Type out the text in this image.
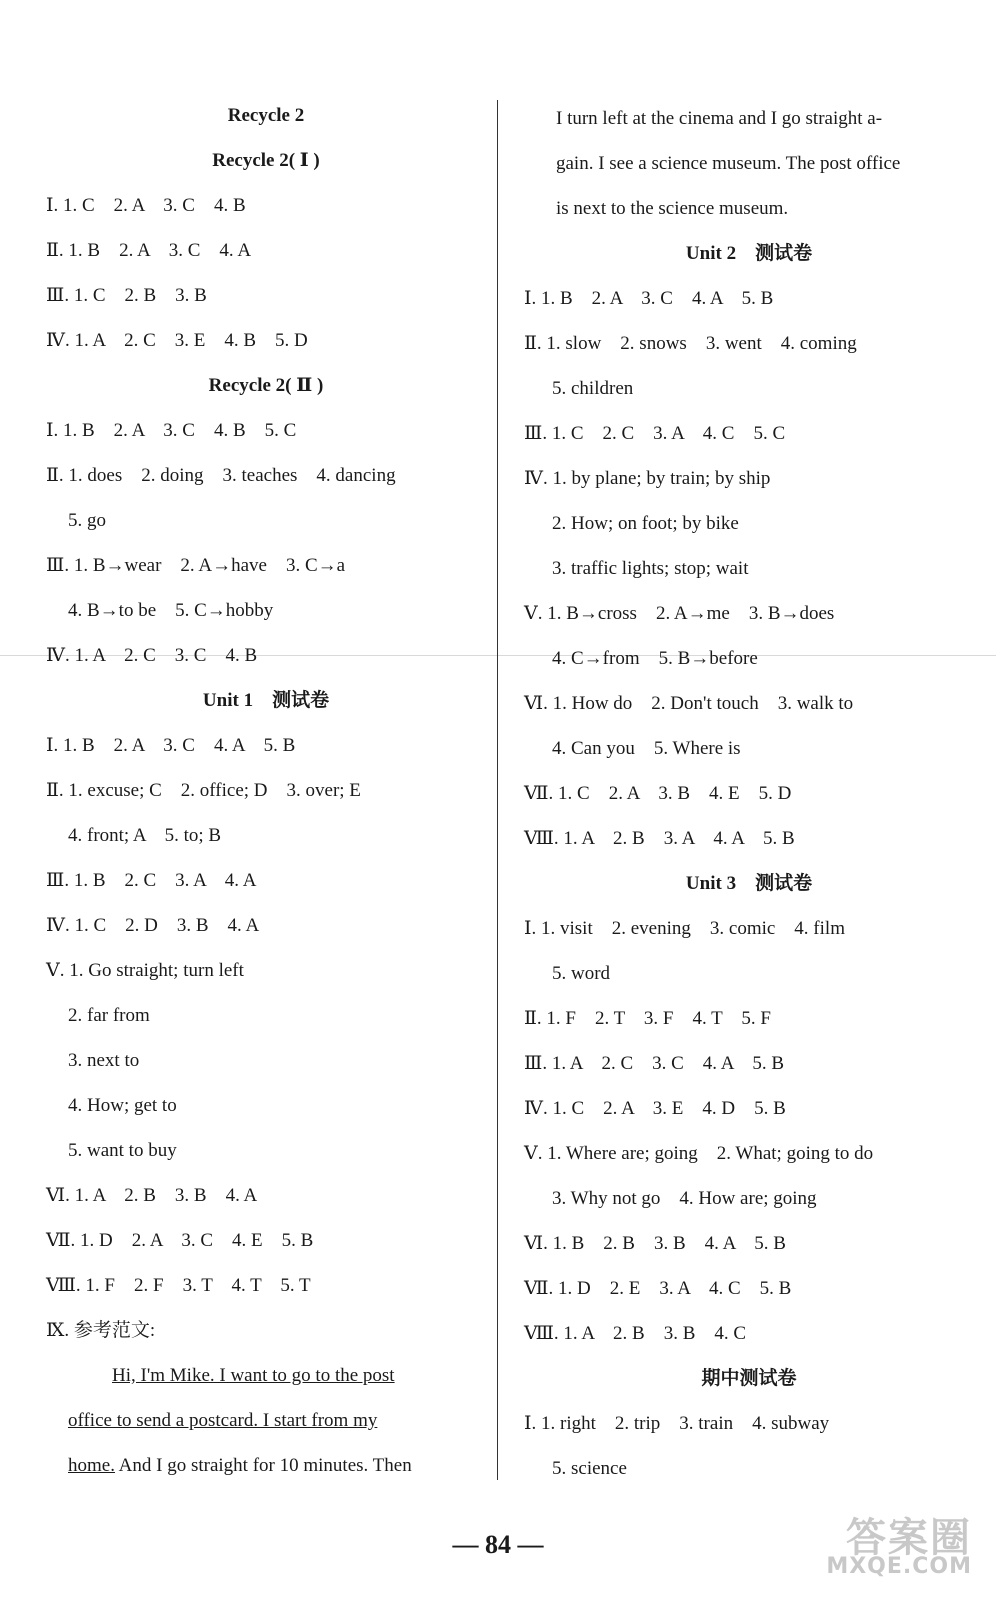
Recycle 2
Recycle 2( Ⅰ )
Ⅰ. 1. C　2. A　3. C　4. B
Ⅱ. 1. B　2. A　3. C　4. A
Ⅲ. 1. C　2. B　3. B
Ⅳ. 1. A　2. C　3. E　4. B　5. D
Recycle 2( Ⅱ )
Ⅰ. 1. B　2. A　3. C　4. B　5. C
Ⅱ. 1. does　2. doing　3. teaches　4. dancing
5. go
Ⅲ. 1. B→wear　2. A→have　3. C→a
4. B→to be　5. C→hobby
Ⅳ. 1. A　2. C　3. C　4. B
Unit 1　测试卷
Ⅰ. 1. B　2. A　3. C　4. A　5. B
Ⅱ. 1. excuse; C　2. office; D　3. over; E
4. front; A　5. to; B
Ⅲ. 1. B　2. C　3. A　4. A
Ⅳ. 1. C　2. D　3. B　4. A
Ⅴ. 1. Go straight; turn left
2. far from
3. next to
4. How; get to
5. want to buy
Ⅵ. 1. A　2. B　3. B　4. A
Ⅶ. 1. D　2. A　3. C　4. E　5. B
Ⅷ. 1. F　2. F　3. T　4. T　5. T
Ⅸ. 参考范文:
Hi, I'm Mike. I want to go to the post
office to send a postcard. I start from my
home. And I go straight for 10 minutes. Then
I turn left at the cinema and I go straight a-
gain. I see a science museum. The post office
is next to the science museum.
Unit 2　测试卷
Ⅰ. 1. B　2. A　3. C　4. A　5. B
Ⅱ. 1. slow　2. snows　3. went　4. coming
5. children
Ⅲ. 1. C　2. C　3. A　4. C　5. C
Ⅳ. 1. by plane; by train; by ship
2. How; on foot; by bike
3. traffic lights; stop; wait
Ⅴ. 1. B→cross　2. A→me　3. B→does
4. C→from　5. B→before
Ⅵ. 1. How do　2. Don't touch　3. walk to
4. Can you　5. Where is
Ⅶ. 1. C　2. A　3. B　4. E　5. D
Ⅷ. 1. A　2. B　3. A　4. A　5. B
Unit 3　测试卷
Ⅰ. 1. visit　2. evening　3. comic　4. film
5. word
Ⅱ. 1. F　2. T　3. F　4. T　5. F
Ⅲ. 1. A　2. C　3. C　4. A　5. B
Ⅳ. 1. C　2. A　3. E　4. D　5. B
Ⅴ. 1. Where are; going　2. What; going to do
3. Why not go　4. How are; going
Ⅵ. 1. B　2. B　3. B　4. A　5. B
Ⅶ. 1. D　2. E　3. A　4. C　5. B
Ⅷ. 1. A　2. B　3. B　4. C
期中测试卷
Ⅰ. 1. right　2. trip　3. train　4. subway
5. science
— 84 —	答案圈
MXQE.COM
